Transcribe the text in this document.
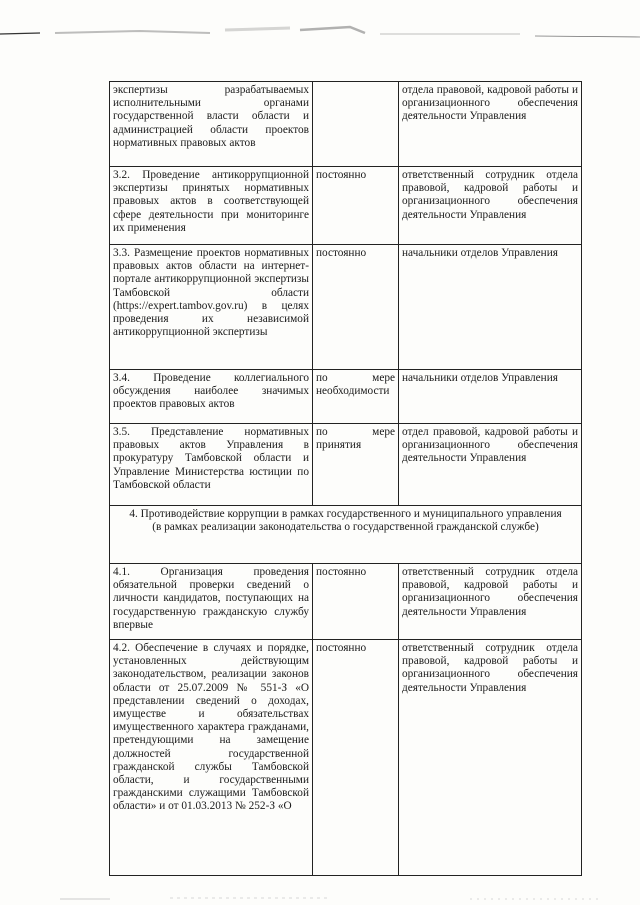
экспертизы разрабатываемых исполнительными органами государственной власти области и администрацией области проектов нормативных правовых актов		отдела правовой, кадровой работы и организационного обеспечения деятельности Управления

3.2. Проведение антикоррупционной экспертизы принятых нормативных правовых актов в соответствующей сфере деятельности при мониторинге их применения	постоянно	ответственный сотрудник отдела правовой, кадровой работы и организационного обеспечения деятельности Управления

3.3. Размещение проектов нормативных правовых актов области на интернет-портале антикоррупционной экспертизы Тамбовской области (https://expert.tambov.gov.ru) в целях проведения их независимой антикоррупционной экспертизы	постоянно	начальники отделов Управления

3.4. Проведение коллегиального обсуждения наиболее значимых проектов правовых актов	по мере необходимости	начальники отделов Управления

3.5. Представление нормативных правовых актов Управления в прокуратуру Тамбовской области и Управление Министерства юстиции по Тамбовской области	по мере принятия	отдел правовой, кадровой работы и организационного обеспечения деятельности Управления

4. Противодействие коррупции в рамках государственного и муниципального управления
(в рамках реализации законодательства о государственной гражданской службе)		

4.1. Организация проведения обязательной проверки сведений о личности кандидатов, поступающих на государственную гражданскую службу впервые	постоянно	ответственный сотрудник отдела правовой, кадровой работы и организационного обеспечения деятельности Управления

4.2. Обеспечение в случаях и порядке, установленных действующим законодательством, реализации законов области от 25.07.2009 № 551-З «О представлении сведений о доходах, имуществе и обязательствах имущественного характера гражданами, претендующими на замещение должностей государственной гражданской службы Тамбовской области, и государственными гражданскими служащими Тамбовской области» и от 01.03.2013 № 252-З «О	постоянно	ответственный сотрудник отдела правовой, кадровой работы и организационного обеспечения деятельности Управления
